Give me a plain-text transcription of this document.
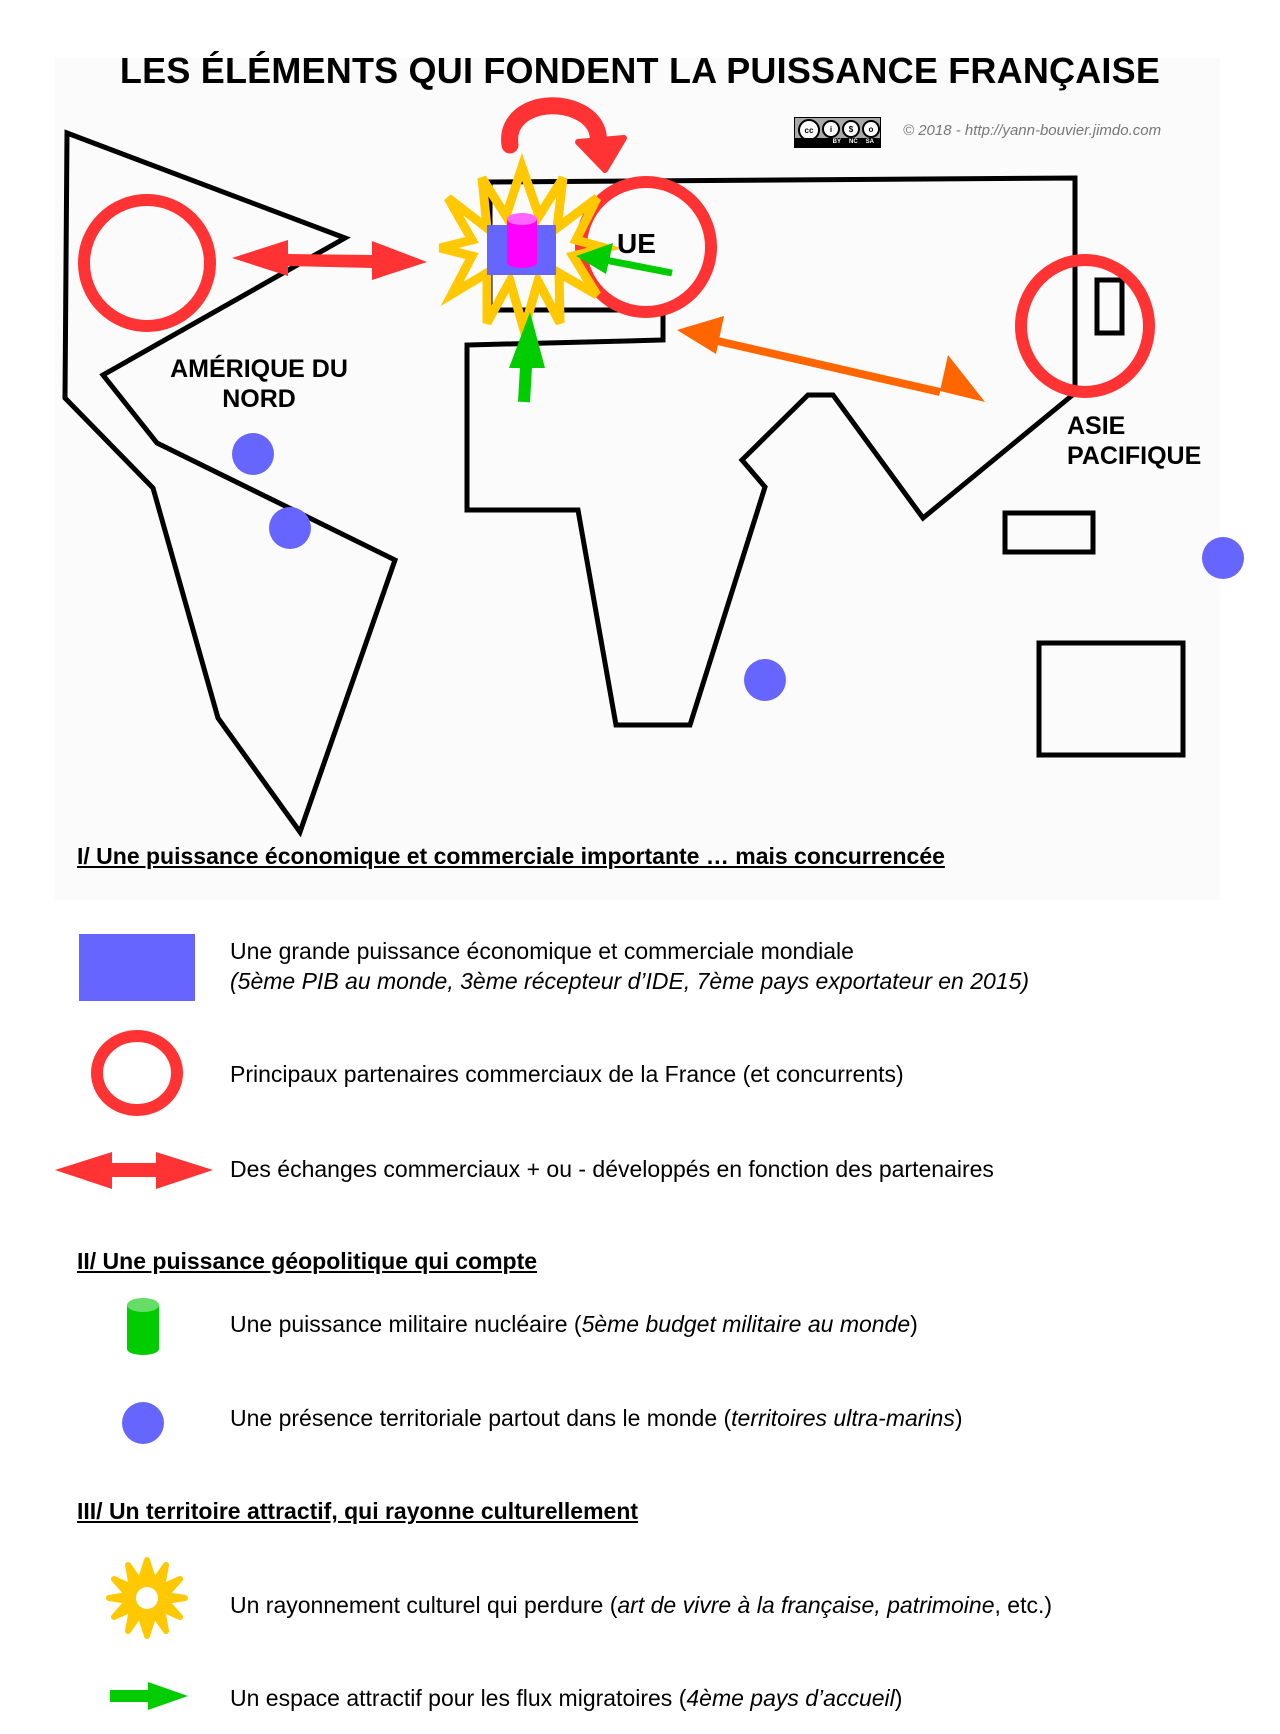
LES ÉLÉMENTS QUI FONDENT LA PUISSANCE FRANÇAISE
cc	i	$	o
BY NC SA
© 2018 - http://yann-bouvier.jimdo.com
AMÉRIQUE DU
NORD
UE
ASIE
PACIFIQUE
I/ Une puissance économique et commerciale importante … mais concurrencée
Une grande puissance économique et commerciale mondiale
(5ème PIB au monde, 3ème récepteur d’IDE, 7ème pays exportateur en 2015)
Principaux partenaires commerciaux de la France (et concurrents)
Des échanges commerciaux + ou - développés en fonction des partenaires
II/ Une puissance géopolitique qui compte
Une puissance militaire nucléaire (5ème budget militaire au monde)
Une présence territoriale partout dans le monde (territoires ultra-marins)
III/ Un territoire attractif, qui rayonne culturellement
Un rayonnement culturel qui perdure (art de vivre à la française, patrimoine, etc.)
Un espace attractif pour les flux migratoires (4ème pays d’accueil)
